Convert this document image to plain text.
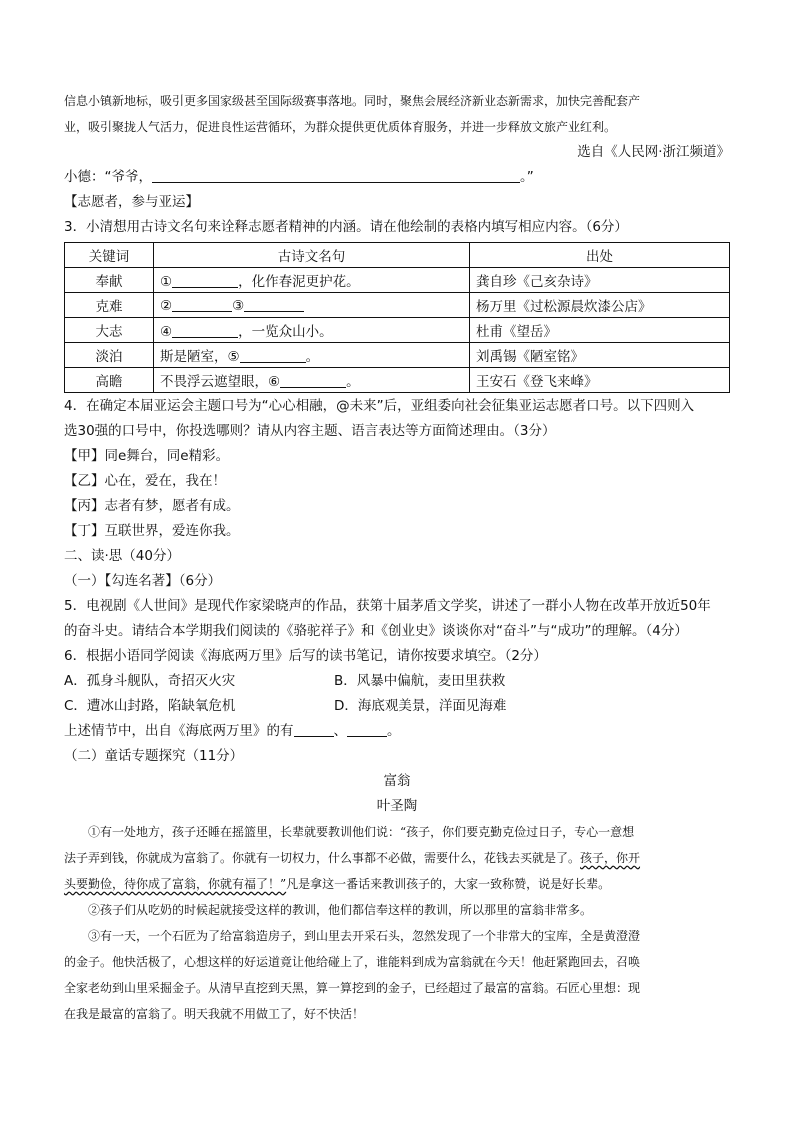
信息小镇新地标，吸引更多国家级甚至国际级赛事落地。同时，聚焦会展经济新业态新需求，加快完善配套产
业，吸引聚拢人气活力，促进良性运营循环，为群众提供更优质体育服务，并进一步释放文旅产业红利。
选自《人民网·浙江频道》
小德：“爷爷，	。”
【志愿者，参与亚运】
3．小清想用古诗文名句来诠释志愿者精神的内涵。请在他绘制的表格内填写相应内容。（6分）
关键词	古诗文名句	出处
奉献	① ，化作春泥更护花。	龚自珍《己亥杂诗》
克难	② ③	杨万里《过松源晨炊漆公店》
大志	④ ，一览众山小。	杜甫《望岳》
淡泊	斯是陋室，⑤ 。	刘禹锡《陋室铭》
高瞻	不畏浮云遮望眼，⑥ 。	王安石《登飞来峰》
4．在确定本届亚运会主题口号为“心心相融，@未来”后，亚组委向社会征集亚运志愿者口号。以下四则入
选30强的口号中，你投选哪则？请从内容主题、语言表达等方面简述理由。（3分）
【甲】同e舞台，同e精彩。
【乙】心在，爱在，我在！
【丙】志者有梦，愿者有成。
【丁】互联世界，爱连你我。
二、读·思（40分）
（一）【勾连名著】（6分）
5．电视剧《人世间》是现代作家梁晓声的作品，获第十届茅盾文学奖，讲述了一群小人物在改革开放近50年
的奋斗史。请结合本学期我们阅读的《骆驼祥子》和《创业史》谈谈你对“奋斗”与“成功”的理解。（4分）
6．根据小语同学阅读《海底两万里》后写的读书笔记，请你按要求填空。（2分）
A．孤身斗舰队，奇招灭火灾	B．风暴中偏航，麦田里获救
C．遭冰山封路，陷缺氧危机	D．海底观美景，洋面见海难
上述情节中，出自《海底两万里》的有	、	。
（二）童话专题探究（11分）
富翁
叶圣陶
①有一处地方，孩子还睡在摇篮里，长辈就要教训他们说：“孩子，你们要克勤克俭过日子，专心一意想
法子弄到钱，你就成为富翁了。你就有一切权力，什么事都不必做，需要什么，花钱去买就是了。孩子，你开
头要勤俭，待你成了富翁，你就有福了！”凡是拿这一番话来教训孩子的，大家一致称赞，说是好长辈。
②孩子们从吃奶的时候起就接受这样的教训，他们都信奉这样的教训，所以那里的富翁非常多。
③有一天，一个石匠为了给富翁造房子，到山里去开采石头，忽然发现了一个非常大的宝库，全是黄澄澄
的金子。他快活极了，心想这样的好运道竟让他给碰上了，谁能料到成为富翁就在今天！他赶紧跑回去，召唤
全家老幼到山里采掘金子。从清早直挖到天黑，算一算挖到的金子，已经超过了最富的富翁。石匠心里想：现
在我是最富的富翁了。明天我就不用做工了，好不快活！
